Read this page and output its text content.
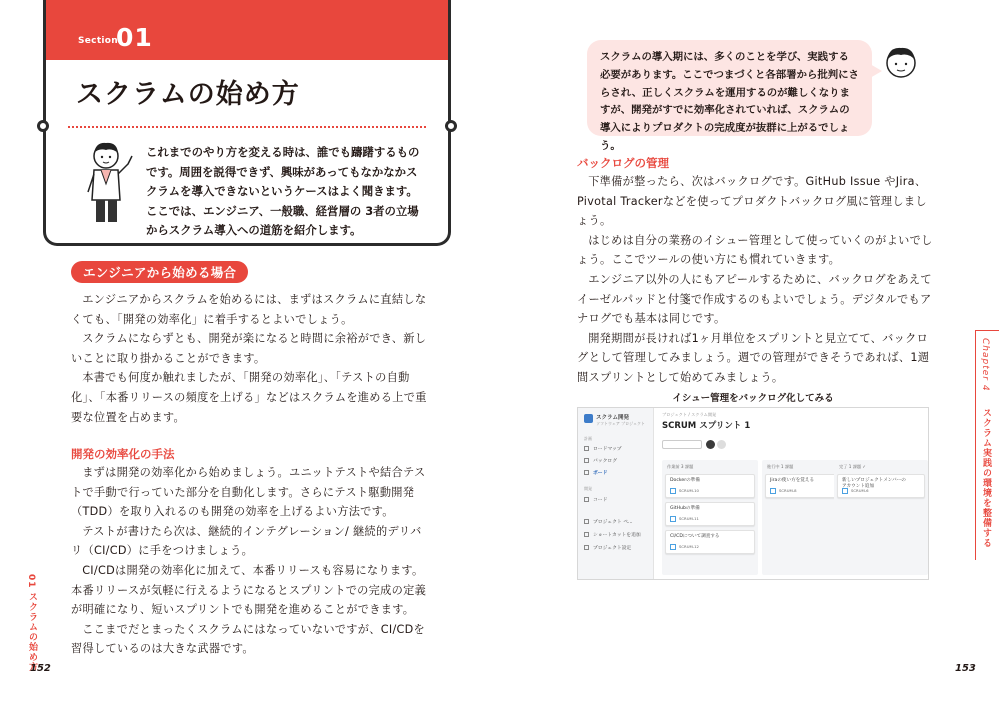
Section
01
スクラムの始め方

これまでのやり方を変える時は、誰でも躊躇するものです。周囲を説得できず、興味があってもなかなかスクラムを導入できないというケースはよく聞きます。ここでは、エンジニア、一般職、経営層の 3者の立場からスクラム導入への道筋を紹介します。

エンジニアから始める場合

エンジニアからスクラムを始めるには、まずはスクラムに直結しなくても、「開発の効率化」に着手するとよいでしょう。

スクラムにならずとも、開発が楽になると時間に余裕ができ、新しいことに取り掛かることができます。

本書でも何度か触れましたが、「開発の効率化」、「テストの自動化」、「本番リリースの頻度を上げる」などはスクラムを進める上で重要な位置を占めます。

開発の効率化の手法

まずは開発の効率化から始めましょう。ユニットテストや結合テストで手動で行っていた部分を自動化します。さらにテスト駆動開発（TDD）を取り入れるのも開発の効率を上げるよい方法です。

テストが書けたら次は、継続的インテグレーション/ 継続的デリバリ（CI/CD）に手をつけましょう。

CI/CDは開発の効率化に加えて、本番リリースも容易になります。本番リリースが気軽に行えるようになるとスプリントでの完成の定義が明確になり、短いスプリントでも開発を進めることができます。

ここまでだとまったくスクラムにはなっていないですが、CI/CDを習得しているのは大きな武器です。

01
スクラムの始め方
152
スクラムの導入期には、多くのことを学び、実践する必要があります。ここでつまづくと各部署から批判にさらされ、正しくスクラムを運用するのが難しくなりますが、開発がすでに効率化されていれば、スクラムの導入によりプロダクトの完成度が抜群に上がるでしょう。
バックログの管理

下準備が整ったら、次はバックログです。GitHub Issue やJira、Pivotal Trackerなどを使ってプロダクトバックログ風に管理しましょう。

はじめは自分の業務のイシュー管理として使っていくのがよいでしょう。ここでツールの使い方にも慣れていきます。

エンジニア以外の人にもアピールするために、バックログをあえてイーゼルパッドと付箋で作成するのもよいでしょう。デジタルでもアナログでも基本は同じです。

開発期間が長ければ1ヶ月単位をスプリントと見立てて、バックログとして管理してみましょう。週での管理ができそうであれば、1週間スプリントとして始めてみましょう。

イシュー管理をバックログ化してみる
スクラム開発
ソフトウェア プロジェクト
計画
ロードマップ
バックログ
ボード
開発
コード
プロジェクト ペ...
ショートカットを追加
プロジェクト設定
プロジェクト / スクラム開発
SCRUM スプリント 1
作業前 3 課題
Dockerの準備
SCRUM-10
GitHubの準備
SCRUM-11
CI/CDについて調査する
SCRUM-12
進行中 1 課題
Jiraの使い方を覚える
SCRUM-8
完了 1 課題 ✓
新しいプロジェクトメンバーの
アカウント追加
SCRUM-6
Chapter 4
スクラム実践の環境を整備する
153
